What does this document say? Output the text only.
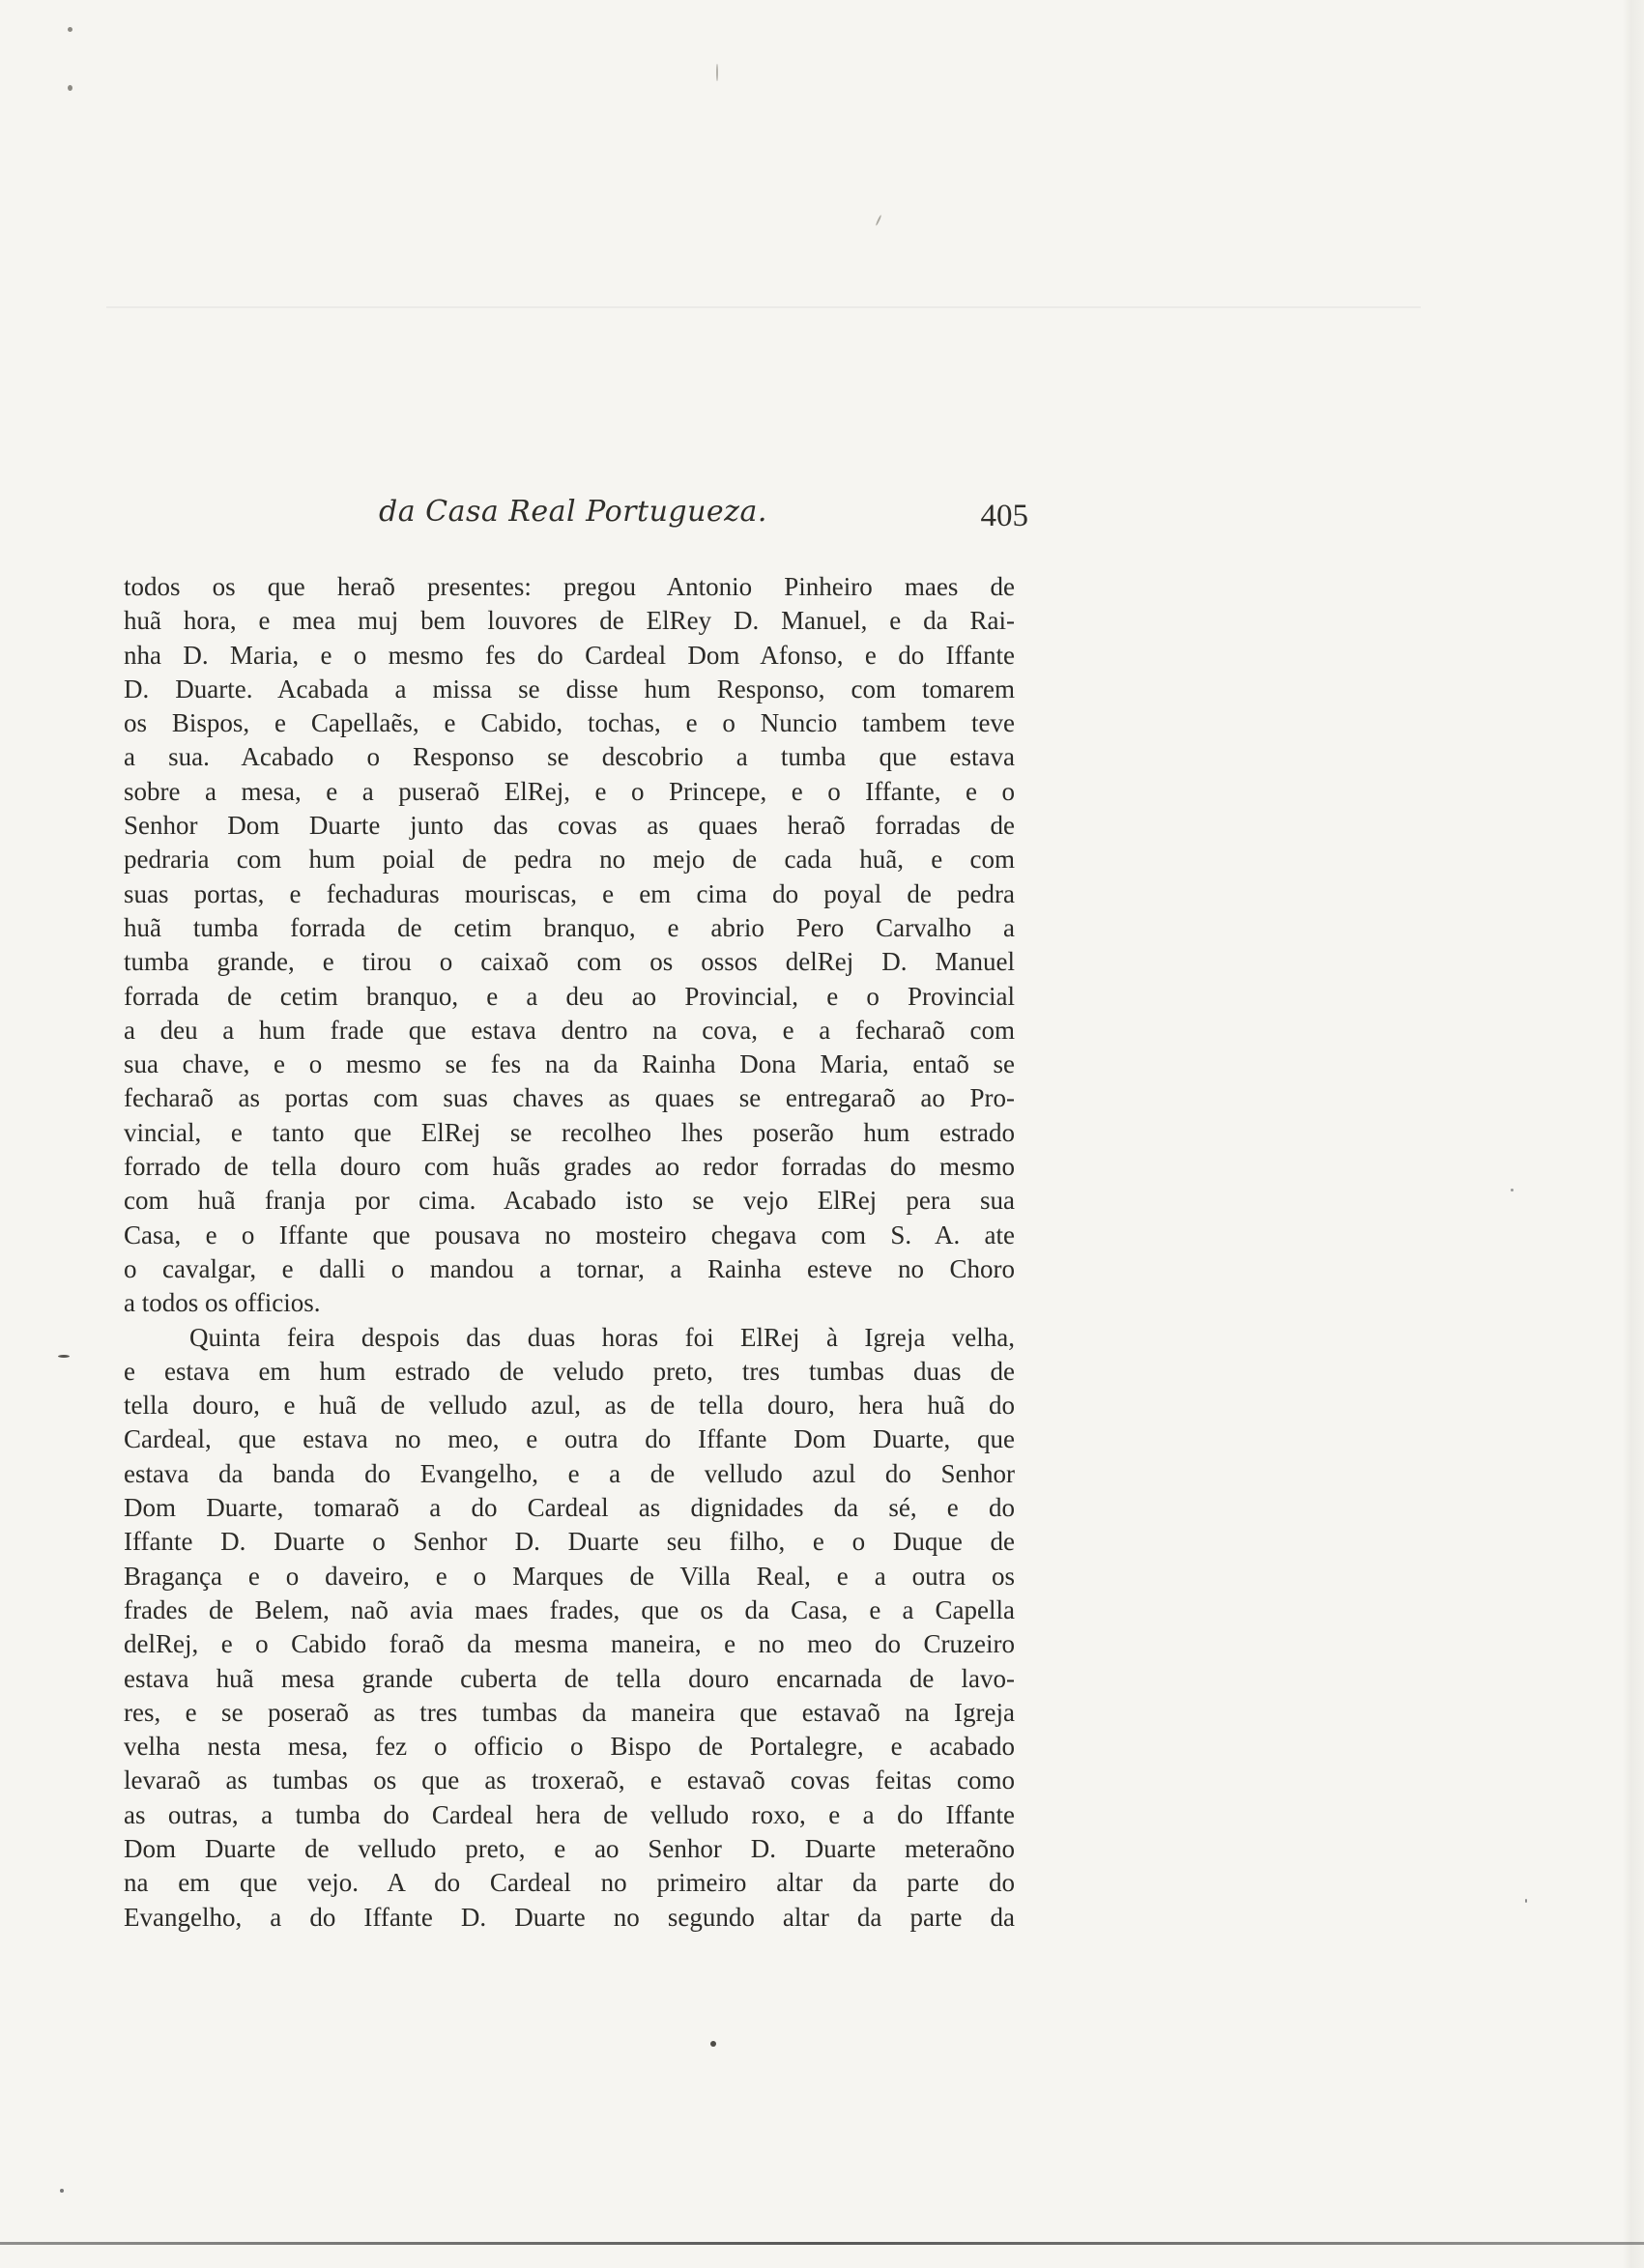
da Casa Real Portugueza.	405
todos os que heraõ presentes: pregou Antonio Pinheiro maes de
huã hora, e mea muj bem louvores de ElRey D. Manuel, e da Rai-
nha D. Maria, e o mesmo fes do Cardeal Dom Afonso, e do Iffante
D. Duarte. Acabada a missa se disse hum Responso, com tomarem
os Bispos, e Capellaẽs, e Cabido, tochas, e o Nuncio tambem teve
a sua. Acabado o Responso se descobrio a tumba que estava
sobre a mesa, e a puseraõ ElRej, e o Princepe, e o Iffante, e o
Senhor Dom Duarte junto das covas as quaes heraõ forradas de
pedraria com hum poial de pedra no mejo de cada huã, e com
suas portas, e fechaduras mouriscas, e em cima do poyal de pedra
huã tumba forrada de cetim branquo, e abrio Pero Carvalho a
tumba grande, e tirou o caixaõ com os ossos delRej D. Manuel
forrada de cetim branquo, e a deu ao Provincial, e o Provincial
a deu a hum frade que estava dentro na cova, e a fecharaõ com
sua chave, e o mesmo se fes na da Rainha Dona Maria, entaõ se
fecharaõ as portas com suas chaves as quaes se entregaraõ ao Pro-
vincial, e tanto que ElRej se recolheo lhes poserão hum estrado
forrado de tella douro com huãs grades ao redor forradas do mesmo
com huã franja por cima. Acabado isto se vejo ElRej pera sua
Casa, e o Iffante que pousava no mosteiro chegava com S. A. ate
o cavalgar, e dalli o mandou a tornar, a Rainha esteve no Choro
a todos os officios.
Quinta feira despois das duas horas foi ElRej à Igreja velha,
e estava em hum estrado de veludo preto, tres tumbas duas de
tella douro, e huã de velludo azul, as de tella douro, hera huã do
Cardeal, que estava no meo, e outra do Iffante Dom Duarte, que
estava da banda do Evangelho, e a de velludo azul do Senhor
Dom Duarte, tomaraõ a do Cardeal as dignidades da sé, e do
Iffante D. Duarte o Senhor D. Duarte seu filho, e o Duque de
Bragança e o daveiro, e o Marques de Villa Real, e a outra os
frades de Belem, naõ avia maes frades, que os da Casa, e a Capella
delRej, e o Cabido foraõ da mesma maneira, e no meo do Cruzeiro
estava huã mesa grande cuberta de tella douro encarnada de lavo-
res, e se poseraõ as tres tumbas da maneira que estavaõ na Igreja
velha nesta mesa, fez o officio o Bispo de Portalegre, e acabado
levaraõ as tumbas os que as troxeraõ, e estavaõ covas feitas como
as outras, a tumba do Cardeal hera de velludo roxo, e a do Iffante
Dom Duarte de velludo preto, e ao Senhor D. Duarte meteraõno
na em que vejo. A do Cardeal no primeiro altar da parte do
Evangelho, a do Iffante D. Duarte no segundo altar da parte da
